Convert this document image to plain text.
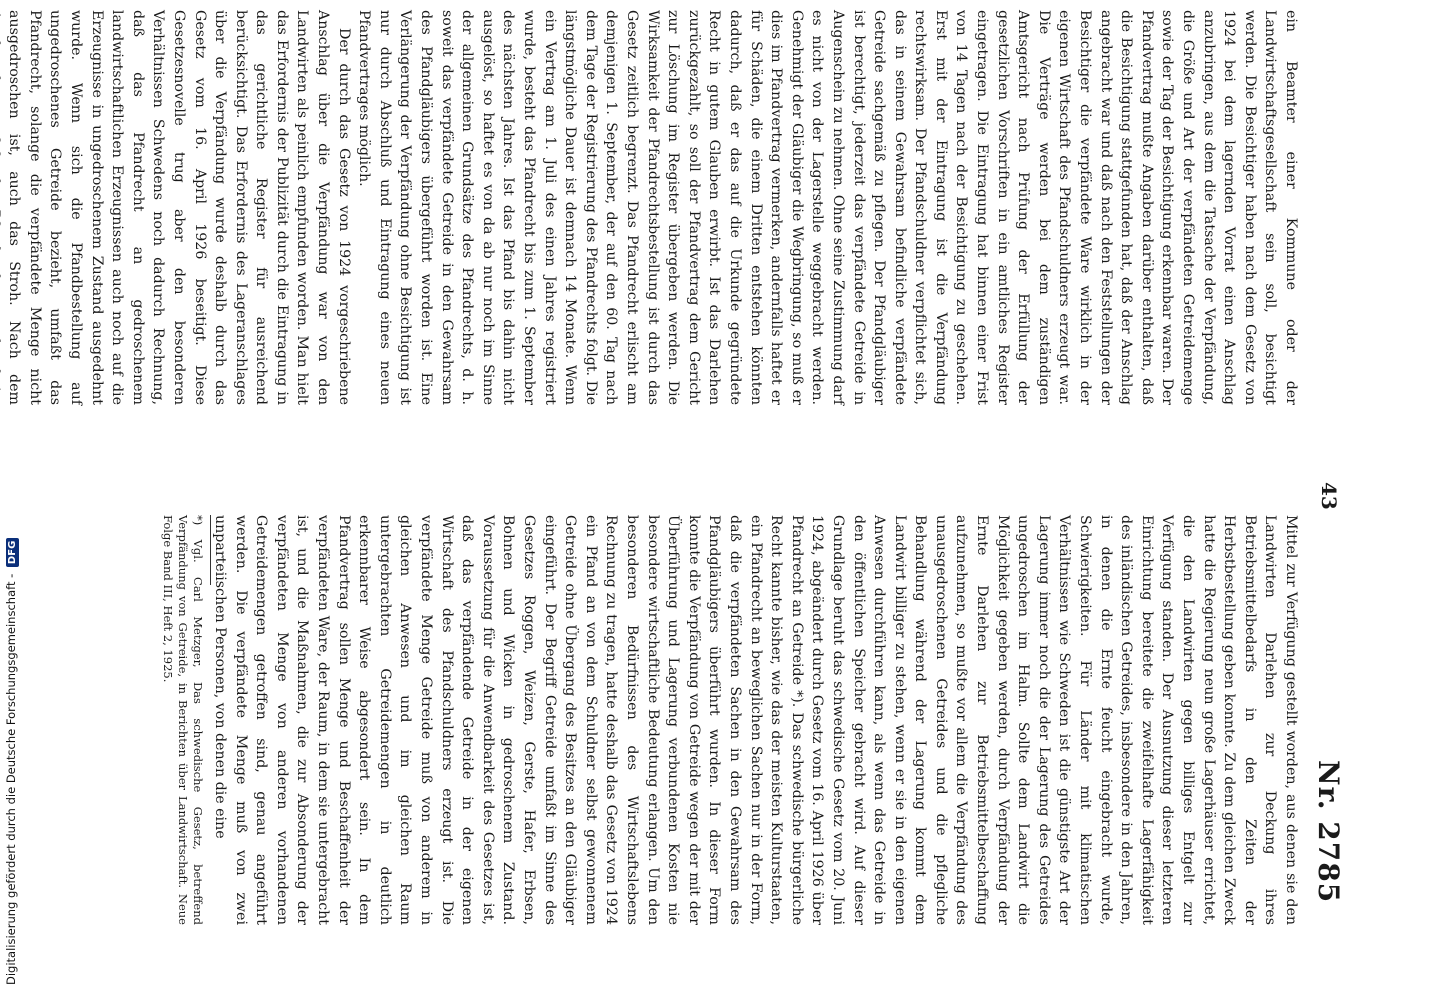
Nr. 2785
43

ein Beamter einer Kommune oder der Landwirtschaftsgesellschaft sein soll, besichtigt werden. Die Besichtiger haben nach dem Gesetz von 1924 bei dem lagernden Vorrat einen Anschlag anzubringen, aus dem die Tatsache der Verpfändung, die Größe und Art der verpfändeten Getreidemenge sowie der Tag der Besichtigung erkennbar waren. Der Pfandvertrag mußte Angaben darüber enthalten, daß die Besichtigung stattgefunden hat, daß der Anschlag angebracht war und daß nach den Feststellungen der Besichtiger die verpfändete Ware wirklich in der eigenen Wirtschaft des Pfandschuldners erzeugt war. Die Verträge werden bei dem zuständigen Amtsgericht nach Prüfung der Erfüllung der gesetzlichen Vorschriften in ein amtliches Register eingetragen. Die Eintragung hat binnen einer Frist von 14 Tagen nach der Besichtigung zu geschehen. Erst mit der Eintragung ist die Verpfändung rechtswirksam. Der Pfandschuldner verpflichtet sich, das in seinem Gewahrsam befindliche verpfändete Getreide sachgemäß zu pflegen. Der Pfandgläubiger ist berechtigt, jederzeit das verpfändete Getreide in Augenschein zu nehmen. Ohne seine Zustimmung darf es nicht von der Lagerstelle weggebracht werden. Genehmigt der Gläubiger die Wegbringung, so muß er dies im Pfandvertrag vermerken, andernfalls haftet er für Schäden, die einem Dritten entstehen könnten dadurch, daß er das auf die Urkunde gegründete Recht in gutem Glauben erwirbt. Ist das Darlehen zurückgezahlt, so soll der Pfandvertrag dem Gericht zur Löschung im Register übergeben werden. Die Wirksamkeit der Pfandrechtsbestellung ist durch das Gesetz zeitlich begrenzt. Das Pfandrecht erlischt am demjenigen 1. September, der auf den 60. Tag nach dem Tage der Registrierung des Pfandrechts folgt. Die längstmögliche Dauer ist demnach 14 Monate. Wenn ein Vertrag am 1. Juli des einen Jahres registriert wurde, besteht das Pfandrecht bis zum 1. September des nächsten Jahres. Ist das Pfand bis dahin nicht ausgelöst, so haftet es von da ab nur noch im Sinne der allgemeinen Grundsätze des Pfandrechts, d. h. soweit das verpfändete Getreide in den Gewahrsam des Pfandgläubigers übergeführt worden ist. Eine Verlängerung der Verpfändung ohne Besichtigung ist nur durch Abschluß und Eintragung eines neuen Pfandvertrages möglich.

Der durch das Gesetz von 1924 vorgeschriebene Anschlag über die Verpfändung war von den Landwirten als peinlich empfunden worden. Man hielt das Erfordernis der Publizität durch die Eintragung in das gerichtliche Register für ausreichend berücksichtigt. Das Erfordernis des Lageranschlages über die Verpfändung wurde deshalb durch das Gesetz vom 16. April 1926 beseitigt. Diese Gesetzesnovelle trug aber den besonderen Verhältnissen Schwedens noch dadurch Rechnung, daß das Pfandrecht an gedroschenem landwirtschaftlichen Erzeugnissen auch noch auf die Erzeugnisse in ungedroschenem Zustand ausgedehnt wurde. Wenn sich die Pfandbestellung auf ungedroschenes Getreide bezieht, umfaßt das Pfandrecht, solange die verpfändete Menge nicht ausgedroschen ist, auch das Stroh. Nach dem

Mittel zur Verfügung gestellt worden, aus denen sie den Landwirten Darlehen zur Deckung ihres Betriebsmittelbedarfs in den Zeiten der Herbstbestellung geben konnte. Zu dem gleichen Zweck hatte die Regierung neun große Lagerhäuser errichtet, die den Landwirten gegen billiges Entgelt zur Verfügung standen. Der Ausnutzung dieser letzteren Einrichtung bereitete die zweifelhafte Lagerfähigkeit des inländischen Getreides, insbesondere in den Jahren, in denen die Ernte feucht eingebracht wurde, Schwierigkeiten. Für Länder mit klimatischen Verhältnissen wie Schweden ist die günstigste Art der Lagerung immer noch die der Lagerung des Getreides ungedroschen im Halm. Sollte dem Landwirt die Möglichkeit gegeben werden, durch Verpfändung der Ernte Darlehen zur Betriebsmittelbeschaffung aufzunehmen, so mußte vor allem die Verpfändung des unausgedroschenen Getreides und die pflegliche Behandlung während der Lagerung kommt dem Landwirt billiger zu stehen, wenn er sie in den eigenen Anwesen durchführen kann, als wenn das Getreide in den öffentlichen Speicher gebracht wird. Auf dieser Grundlage beruht das schwedische Gesetz vom 20. Juni 1924, abgeändert durch Gesetz vom 16. April 1926 über Pfandrecht an Getreide *). Das schwedische bürgerliche Recht kannte bisher, wie das der meisten Kulturstaaten, ein Pfandrecht an beweglichen Sachen nur in der Form, daß die verpfändeten Sachen in den Gewahrsam des Pfandgläubigers überführt wurden. In dieser Form konnte die Verpfändung von Getreide wegen der mit der Überführung und Lagerung verbundenen Kosten nie besondere wirtschaftliche Bedeutung erlangen. Um den besonderen Bedürfnissen des Wirtschaftslebens Rechnung zu tragen, hatte deshalb das Gesetz von 1924 ein Pfand an von dem Schuldner selbst gewonnenem Getreide ohne Übergang des Besitzes an den Gläubiger eingeführt. Der Begriff Getreide umfaßt im Sinne des Gesetzes Roggen, Weizen, Gerste, Hafer, Erbsen, Bohnen und Wicken in gedroschenem Zustand. Voraussetzung für die Anwendbarkeit des Gesetzes ist, daß das verpfändende Getreide in der eigenen Wirtschaft des Pfandschuldners erzeugt ist. Die verpfändete Menge Getreide muß von anderem in gleichen Anwesen und im gleichen Raum untergebrachten Getreidemengen in deutlich erkennbarer Weise abgesondert sein. In dem Pfandvertrag sollen Menge und Beschaffenheit der verpfändeten Ware, der Raum, in dem sie untergebracht ist, und die Maßnahmen, die zur Absonderung der verpfändeten Menge von anderen vorhandenen Getreidemengen getroffen sind, genau angeführt werden. Die verpfändete Menge muß von zwei unparteiischen Personen, von denen die eine

*) Vgl. Carl Metzger, Das schwedische Gesetz, betreffend Verpfändung von Getreide, in Berichten über Landwirtschaft. Neue Folge Band III, Heft 2, 1925.
Digitalisierung gefördert durch die Deutsche Forschungsgemeinschaft - DFG
